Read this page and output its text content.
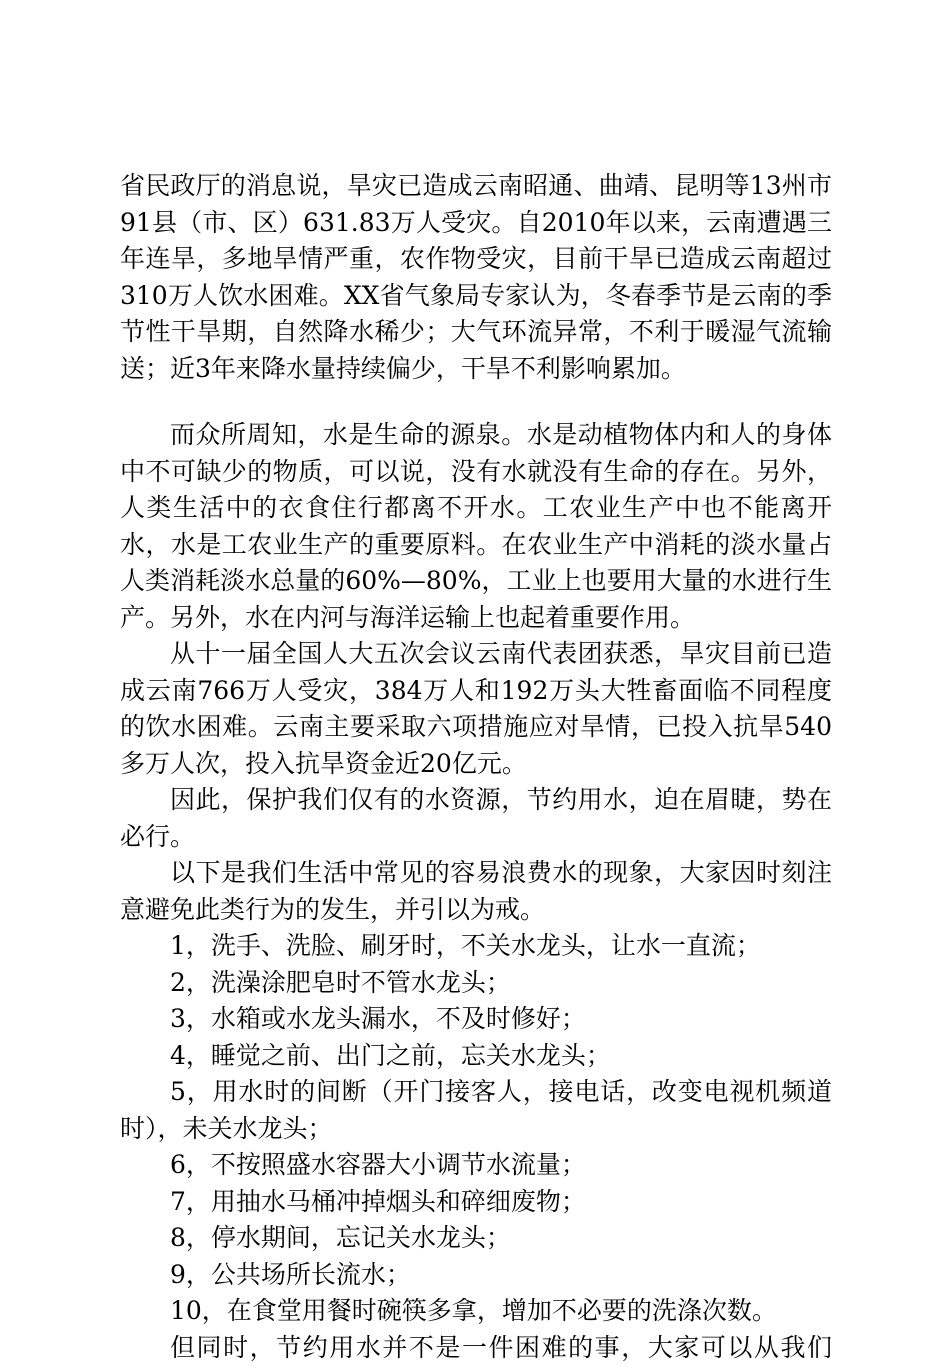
省民政厅的消息说，旱灾已造成云南昭通、曲靖、昆明等13州市91县（市、区）631.83万人受灾。自2010年以来，云南遭遇三年连旱，多地旱情严重，农作物受灾，目前干旱已造成云南超过310万人饮水困难。XX省气象局专家认为，冬春季节是云南的季节性干旱期，自然降水稀少；大气环流异常，不利于暖湿气流输送；近3年来降水量持续偏少，干旱不利影响累加。

而众所周知，水是生命的源泉。水是动植物体内和人的身体中不可缺少的物质，可以说，没有水就没有生命的存在。另外，人类生活中的衣食住行都离不开水。工农业生产中也不能离开水，水是工农业生产的重要原料。在农业生产中消耗的淡水量占人类消耗淡水总量的60%—80%，工业上也要用大量的水进行生产。另外，水在内河与海洋运输上也起着重要作用。

从十一届全国人大五次会议云南代表团获悉，旱灾目前已造成云南766万人受灾，384万人和192万头大牲畜面临不同程度的饮水困难。云南主要采取六项措施应对旱情，已投入抗旱540多万人次，投入抗旱资金近20亿元。

因此，保护我们仅有的水资源，节约用水，迫在眉睫，势在必行。

以下是我们生活中常见的容易浪费水的现象，大家因时刻注意避免此类行为的发生，并引以为戒。

1，洗手、洗脸、刷牙时，不关水龙头，让水一直流；

2，洗澡涂肥皂时不管水龙头；

3，水箱或水龙头漏水，不及时修好；

4，睡觉之前、出门之前，忘关水龙头；

5，用水时的间断（开门接客人，接电话，改变电视机频道时），未关水龙头；

6，不按照盛水容器大小调节水流量；

7，用抽水马桶冲掉烟头和碎细废物；

8，停水期间，忘记关水龙头；

9，公共场所长流水；

10，在食堂用餐时碗筷多拿，增加不必要的洗涤次数。

但同时，节约用水并不是一件困难的事，大家可以从我们
